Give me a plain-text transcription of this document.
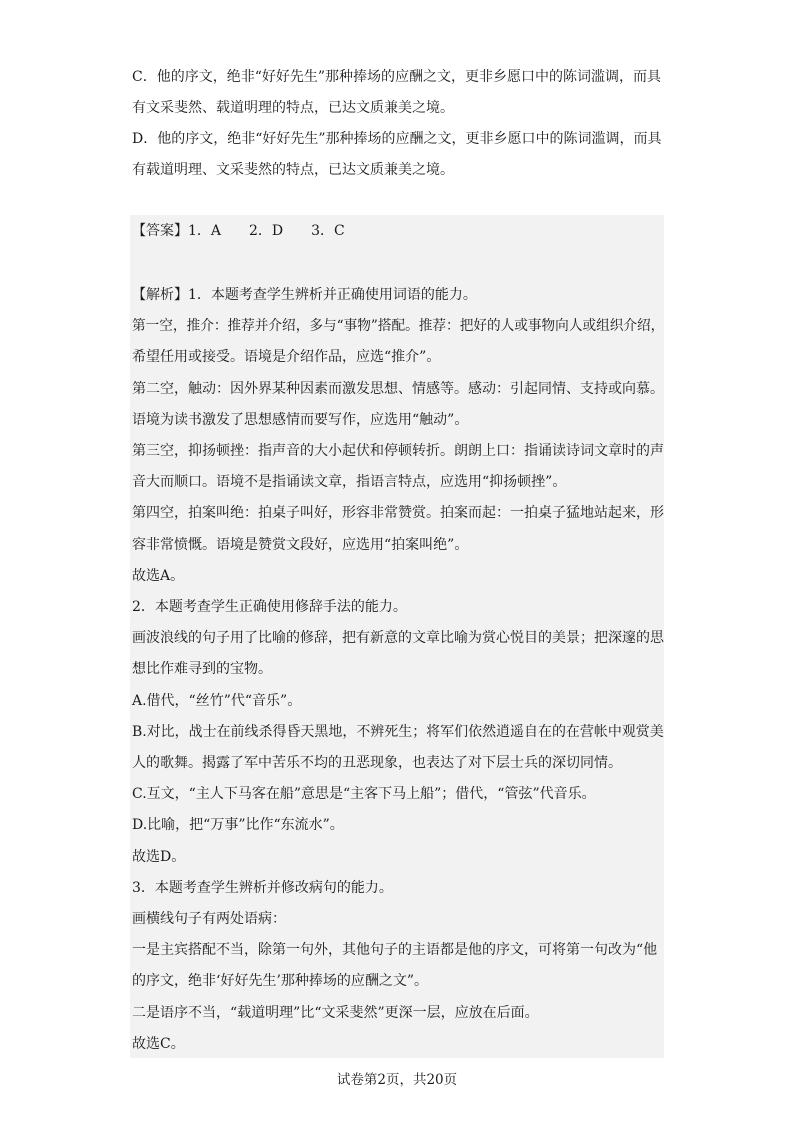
C．他的序文，绝非“好好先生”那种捧场的应酬之文，更非乡愿口中的陈词滥调，而具
有文采斐然、载道明理的特点，已达文质兼美之境。
D．他的序文，绝非“好好先生”那种捧场的应酬之文，更非乡愿口中的陈词滥调，而具
有载道明理、文采斐然的特点，已达文质兼美之境。
【答案】1．A　　2．D　　3．C
【解析】1．本题考查学生辨析并正确使用词语的能力。
第一空，推介：推荐并介绍，多与“事物”搭配。推荐：把好的人或事物向人或组织介绍，
希望任用或接受。语境是介绍作品，应选“推介”。
第二空，触动：因外界某种因素而激发思想、情感等。感动：引起同情、支持或向慕。
语境为读书激发了思想感情而要写作，应选用“触动”。
第三空，抑扬顿挫：指声音的大小起伏和停顿转折。朗朗上口：指诵读诗词文章时的声
音大而顺口。语境不是指诵读文章，指语言特点，应选用“抑扬顿挫”。
第四空，拍案叫绝：拍桌子叫好，形容非常赞赏。拍案而起：一拍桌子猛地站起来，形
容非常愤慨。语境是赞赏文段好，应选用“拍案叫绝”。
故选A。
2．本题考查学生正确使用修辞手法的能力。
画波浪线的句子用了比喻的修辞，把有新意的文章比喻为赏心悦目的美景；把深邃的思
想比作难寻到的宝物。
A.借代，“丝竹”代“音乐”。
B.对比，战士在前线杀得昏天黑地，不辨死生；将军们依然逍遥自在的在营帐中观赏美
人的歌舞。揭露了军中苦乐不均的丑恶现象，也表达了对下层士兵的深切同情。
C.互文，“主人下马客在船”意思是“主客下马上船”；借代，“管弦”代音乐。
D.比喻，把“万事”比作“东流水”。
故选D。
3．本题考查学生辨析并修改病句的能力。
画横线句子有两处语病：
一是主宾搭配不当，除第一句外，其他句子的主语都是他的序文，可将第一句改为“他
的序文，绝非‘好好先生’那种捧场的应酬之文”。
二是语序不当，“载道明理”比“文采斐然”更深一层，应放在后面。
故选C。
试卷第2页，共20页
